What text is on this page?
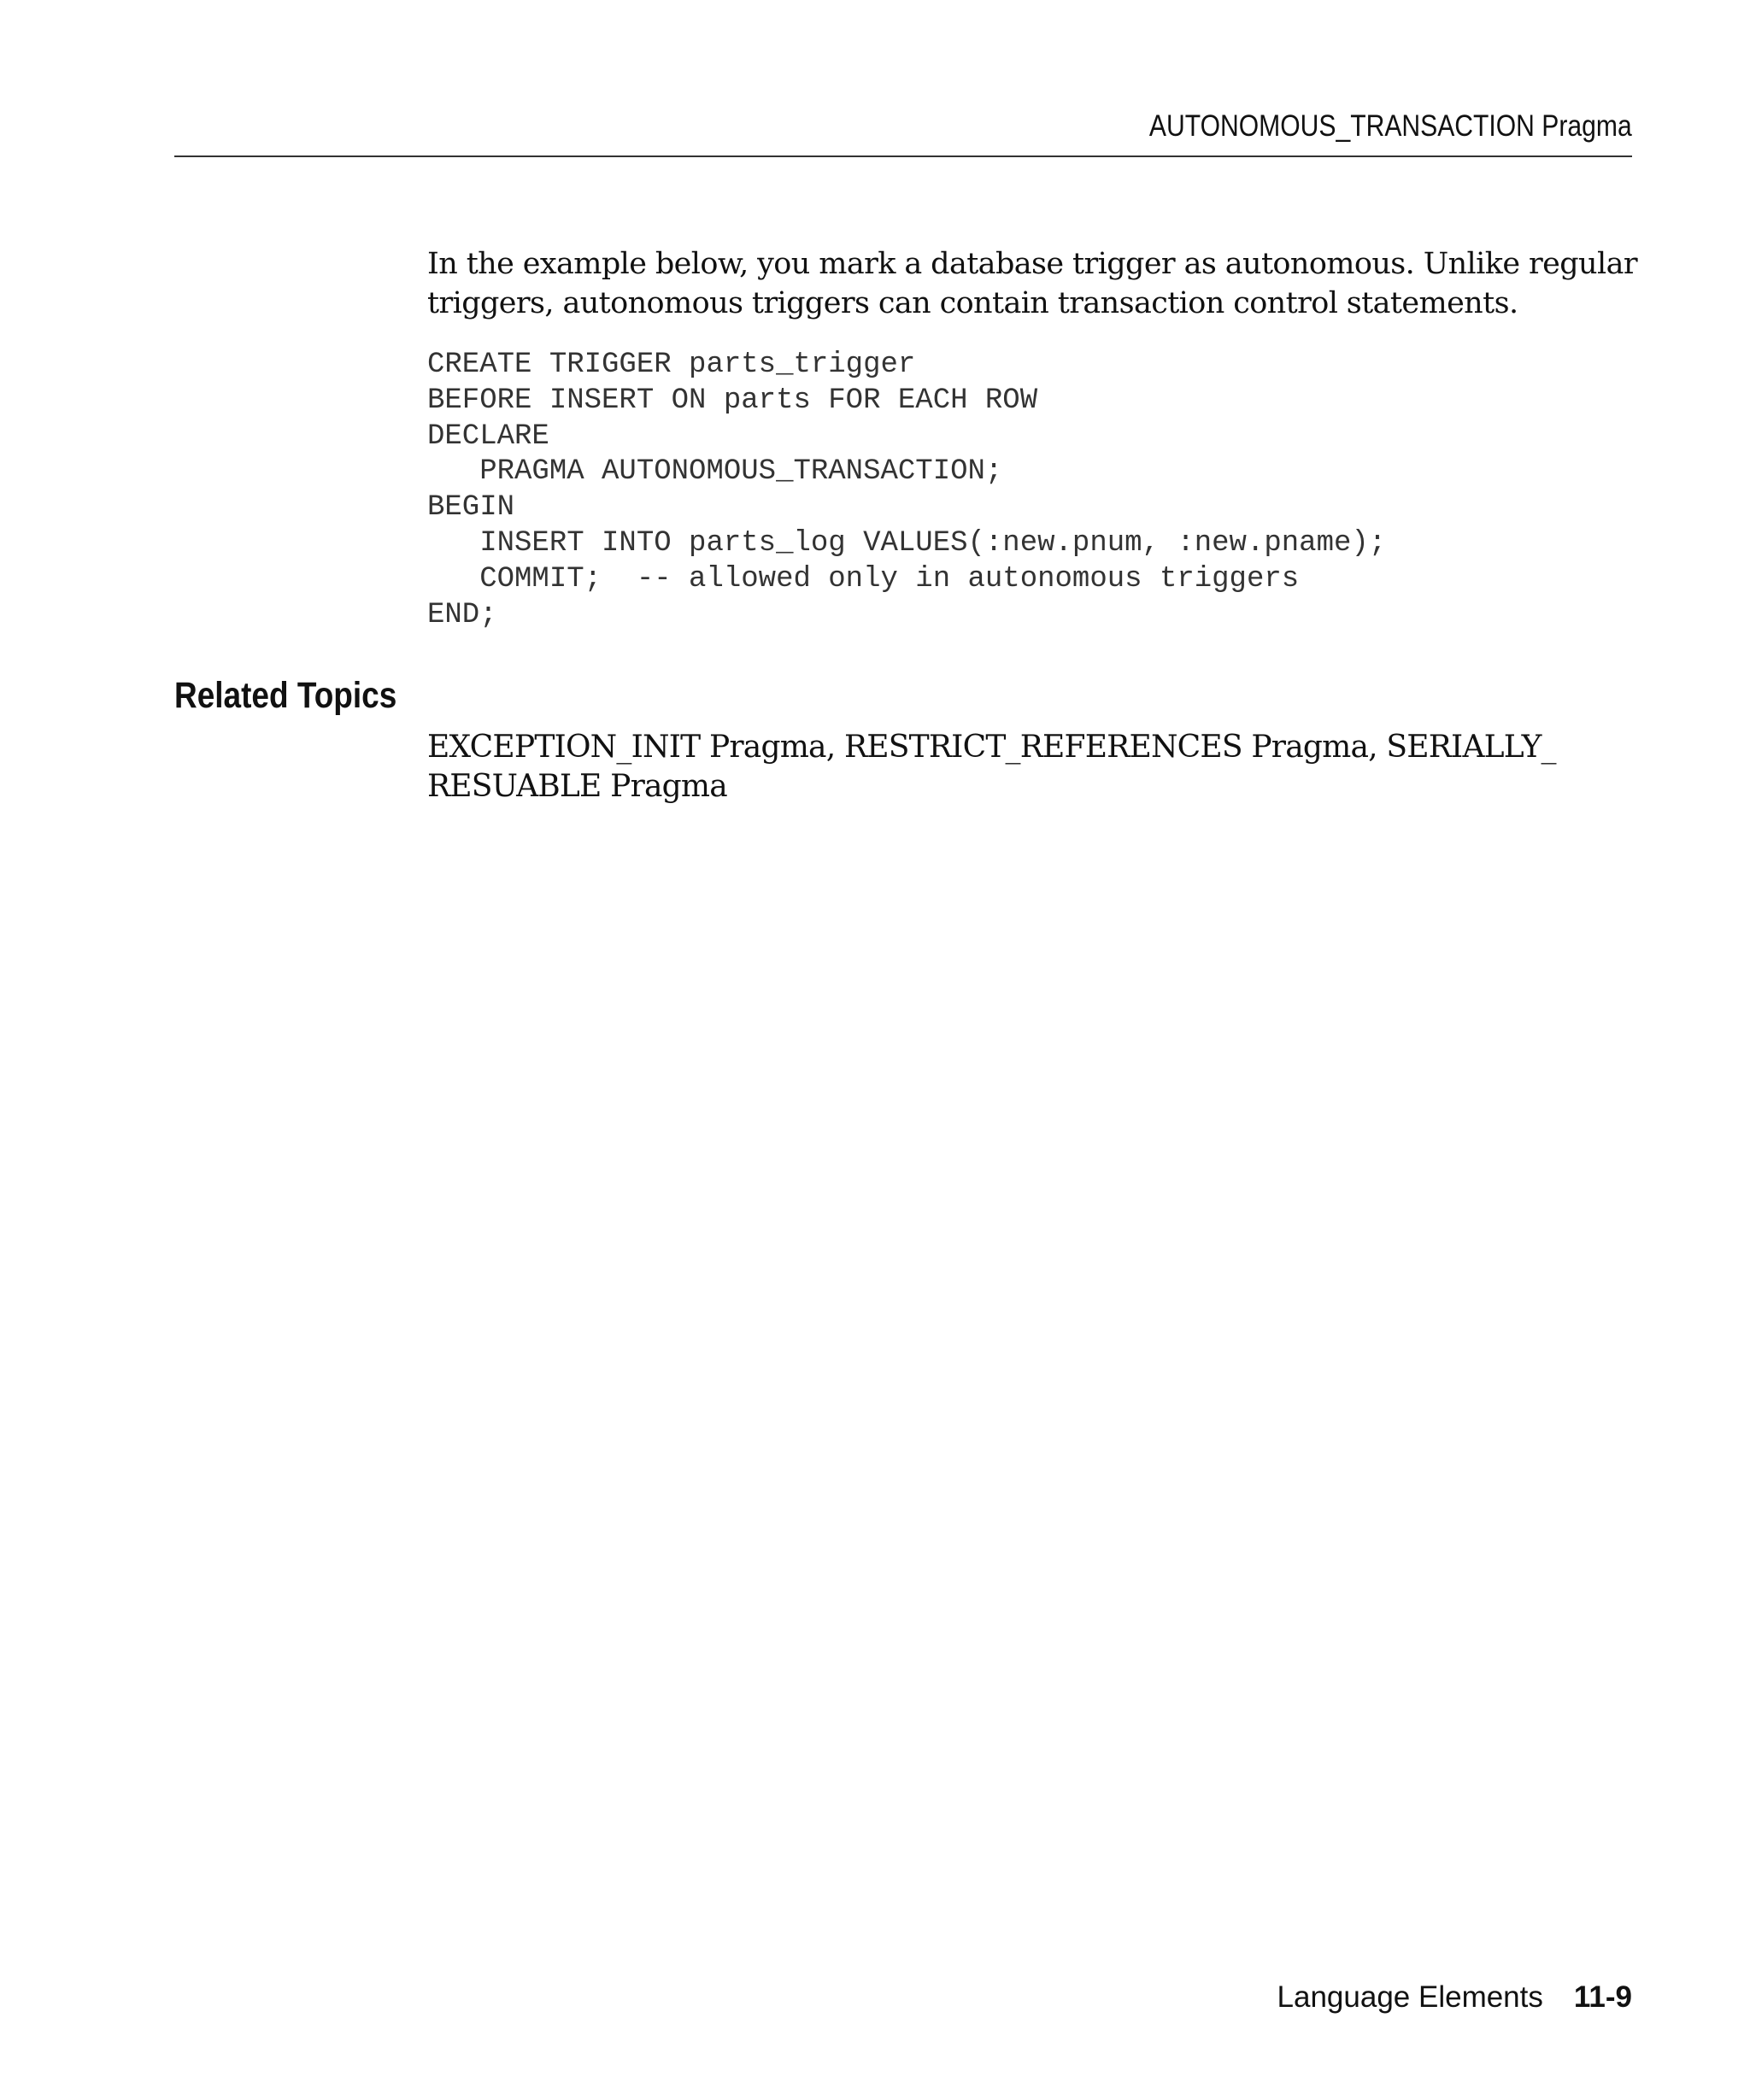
AUTONOMOUS_TRANSACTION Pragma

In the example below, you mark a database trigger as autonomous. Unlike regular triggers, autonomous triggers can contain transaction control statements.

CREATE TRIGGER parts_trigger
BEFORE INSERT ON parts FOR EACH ROW
DECLARE
PRAGMA AUTONOMOUS_TRANSACTION;
BEGIN
INSERT INTO parts_log VALUES(:new.pnum, :new.pname);
COMMIT;  -- allowed only in autonomous triggers
END;
Related Topics

EXCEPTION_INIT Pragma, RESTRICT_REFERENCES Pragma, SERIALLY_ RESUABLE Pragma

Language Elements 11-9
